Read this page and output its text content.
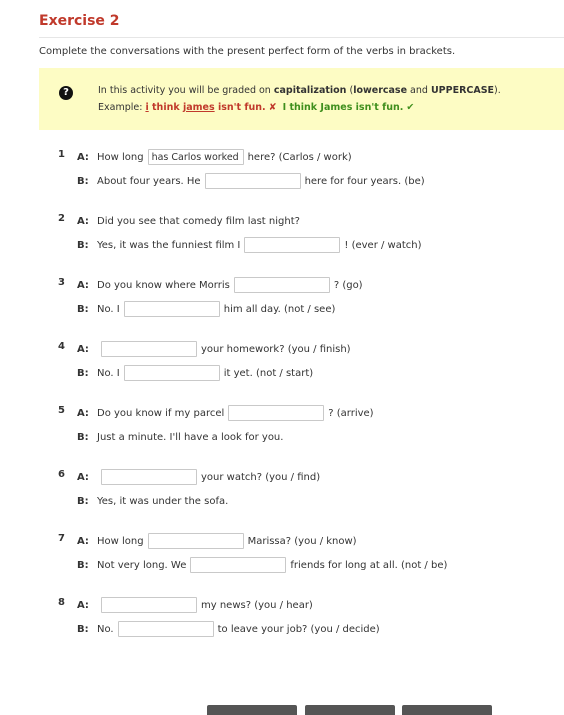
Exercise 2
Complete the conversations with the present perfect form of the verbs in brackets.
?	In this activity you will be graded on capitalization (lowercase and UPPERCASE).
Example: i think james isn't fun. ✘ I think James isn't fun. ✔
1 A: How long
has Carlos worked	here? (Carlos / work)
B: About four years. He	here for four years. (be)
2 A: Did you see that comedy film last night?
B: Yes, it was the funniest film I	! (ever / watch)
3 A: Do you know where Morris	? (go)
B: No. I	him all day. (not / see)
4 A:	your homework? (you / finish)
B: No. I	it yet. (not / start)
5 A: Do you know if my parcel	? (arrive)
B: Just a minute. I'll have a look for you.
6 A:	your watch? (you / find)
B: Yes, it was under the sofa.
7 A: How long	Marissa? (you / know)
B: Not very long. We	friends for long at all. (not / be)
8 A:	my news? (you / hear)
B: No.	to leave your job? (you / decide)
